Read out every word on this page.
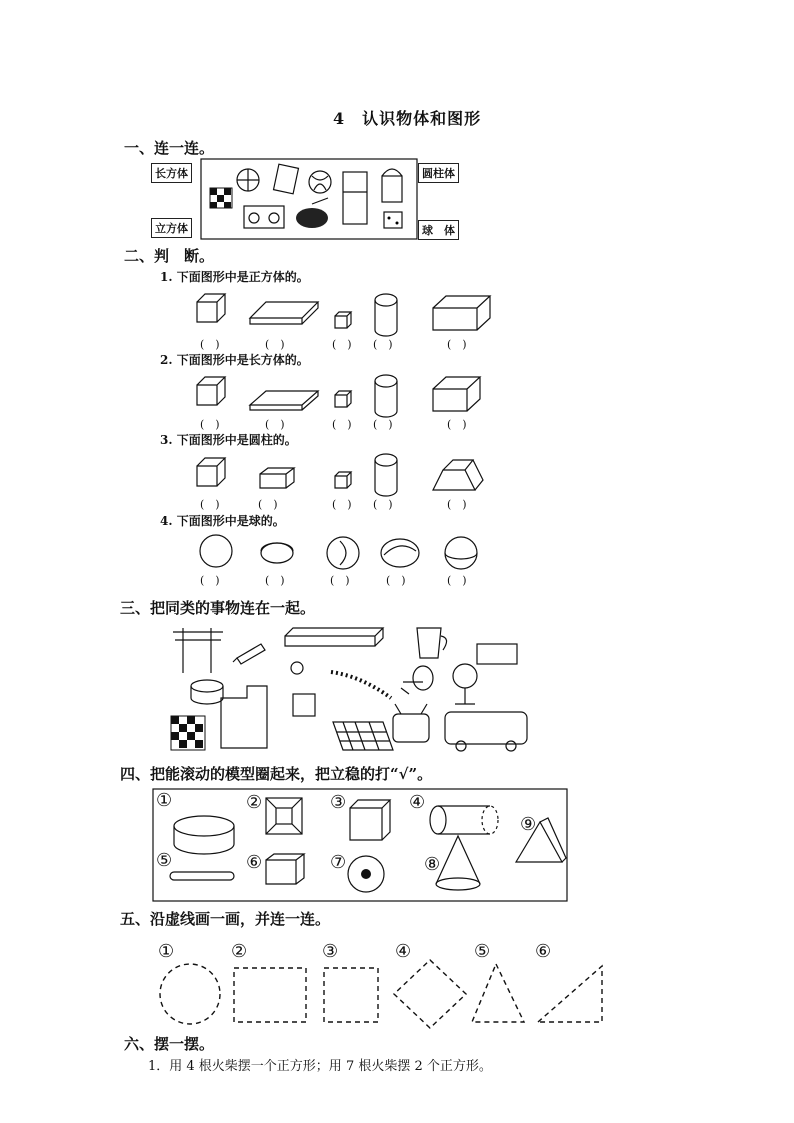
4　认识物体和图形
一、连一连。
长方体
立方体
圆柱体
球　体
二、判　断。
1. 下面图形中是正方体的。
(　)	(　)	(　) (　)	(　)
2. 下面图形中是长方体的。
(　)	(　)	(　) (　)	(　)
3. 下面图形中是圆柱的。
(　)	(　)	(　) (　)	(　)
4. 下面图形中是球的。
(　)	(　)	(　)	(　)	(　)
三、把同类的事物连在一起。
四、把能滚动的模型圈起来，把立稳的打“√”。
①	②	③	④
⑤	⑥	⑦	⑧
⑨
五、沿虚线画一画，并连一连。
①	②	③	④	⑤ ⑥
六、摆一摆。
1．用 4 根火柴摆一个正方形；用 7 根火柴摆 2 个正方形。
